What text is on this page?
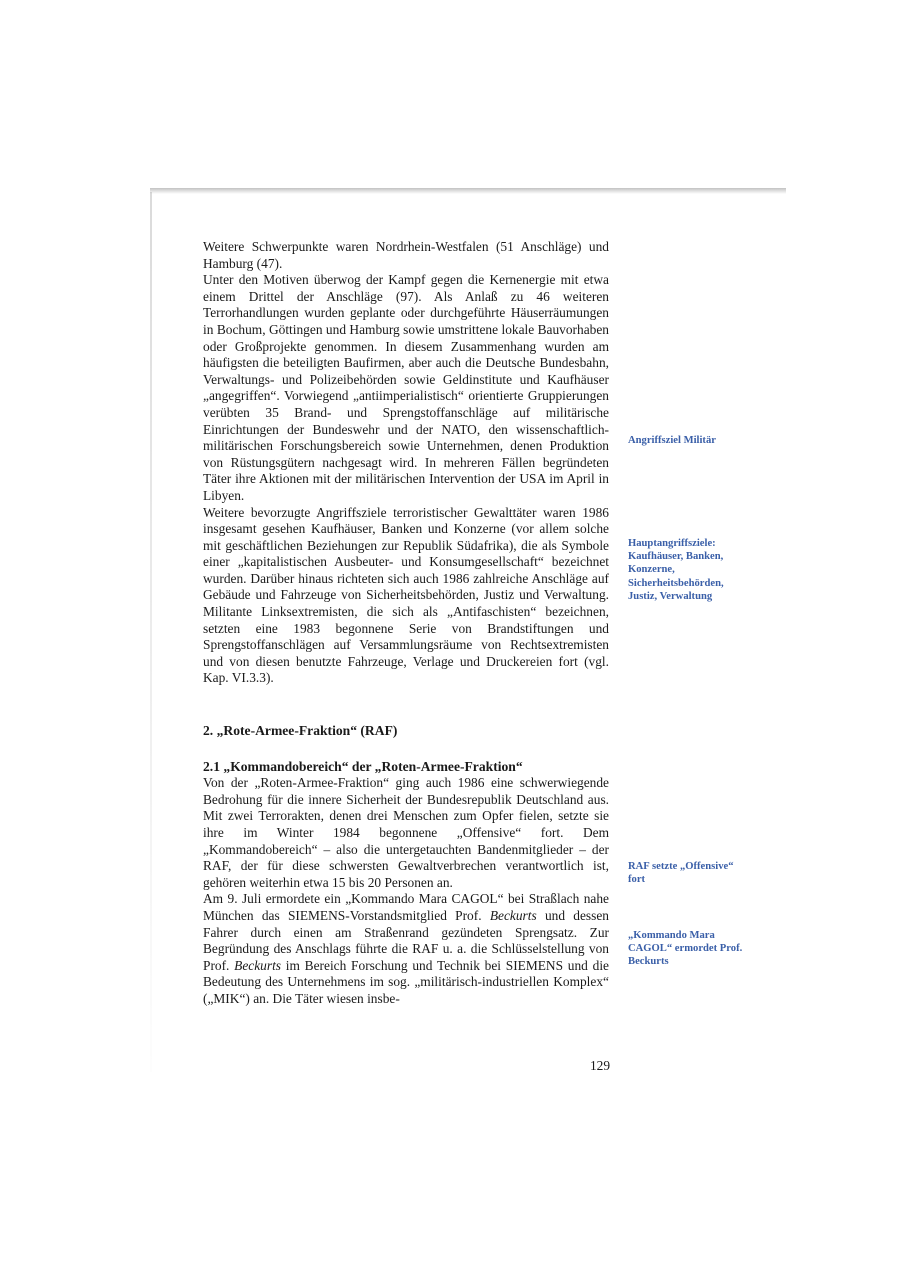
Weitere Schwerpunkte waren Nordrhein-Westfalen (51 Anschläge) und Hamburg (47).

Unter den Motiven überwog der Kampf gegen die Kernenergie mit etwa einem Drittel der Anschläge (97). Als Anlaß zu 46 weiteren Terrorhandlungen wurden geplante oder durchgeführte Häuserräumungen in Bochum, Göttingen und Hamburg sowie umstrittene lokale Bauvorhaben oder Großprojekte genommen. In diesem Zusammenhang wurden am häufigsten die beteiligten Baufirmen, aber auch die Deutsche Bundesbahn, Verwaltungs- und Polizeibehörden sowie Geldinstitute und Kaufhäuser „angegriffen“. Vorwiegend „antiimperialistisch“ orientierte Gruppierungen verübten 35 Brand- und Sprengstoffanschläge auf militärische Einrichtungen der Bundeswehr und der NATO, den wissenschaftlich-militärischen Forschungsbereich sowie Unternehmen, denen Produktion von Rüstungsgütern nachgesagt wird. In mehreren Fällen begründeten Täter ihre Aktionen mit der militärischen Intervention der USA im April in Libyen.

Weitere bevorzugte Angriffsziele terroristischer Gewalttäter waren 1986 insgesamt gesehen Kaufhäuser, Banken und Konzerne (vor allem solche mit geschäftlichen Beziehungen zur Republik Südafrika), die als Symbole einer „kapitalistischen Ausbeuter- und Konsumgesellschaft“ bezeichnet wurden. Darüber hinaus richteten sich auch 1986 zahlreiche Anschläge auf Gebäude und Fahrzeuge von Sicherheitsbehörden, Justiz und Verwaltung. Militante Linksextremisten, die sich als „Antifaschisten“ bezeichnen, setzten eine 1983 begonnene Serie von Brandstiftungen und Sprengstoffanschlägen auf Versammlungsräume von Rechtsextremisten und von diesen benutzte Fahrzeuge, Verlage und Druckereien fort (vgl. Kap. VI.3.3).

2. „Rote-Armee-Fraktion“ (RAF)
2.1 „Kommandobereich“ der „Roten-Armee-Fraktion“

Von der „Roten-Armee-Fraktion“ ging auch 1986 eine schwerwiegende Bedrohung für die innere Sicherheit der Bundesrepublik Deutschland aus. Mit zwei Terrorakten, denen drei Menschen zum Opfer fielen, setzte sie ihre im Winter 1984 begonnene „Offensive“ fort. Dem „Kommandobereich“ – also die untergetauchten Bandenmitglieder – der RAF, der für diese schwersten Gewaltverbrechen verantwortlich ist, gehören weiterhin etwa 15 bis 20 Personen an.

Am 9. Juli ermordete ein „Kommando Mara CAGOL“ bei Straßlach nahe München das SIEMENS-Vorstandsmitglied Prof. Beckurts und dessen Fahrer durch einen am Straßenrand gezündeten Sprengsatz. Zur Begründung des Anschlags führte die RAF u. a. die Schlüsselstellung von Prof. Beckurts im Bereich Forschung und Technik bei SIEMENS und die Bedeutung des Unternehmens im sog. „militärisch-industriellen Komplex“ („MIK“) an. Die Täter wiesen insbe-

Angriffsziel Militär
Hauptangriffsziele: Kaufhäuser, Banken, Konzerne, Sicherheitsbehörden, Justiz, Verwaltung
RAF setzte „Offensive“ fort
„Kommando Mara CAGOL“ ermordet Prof. Beckurts
129
